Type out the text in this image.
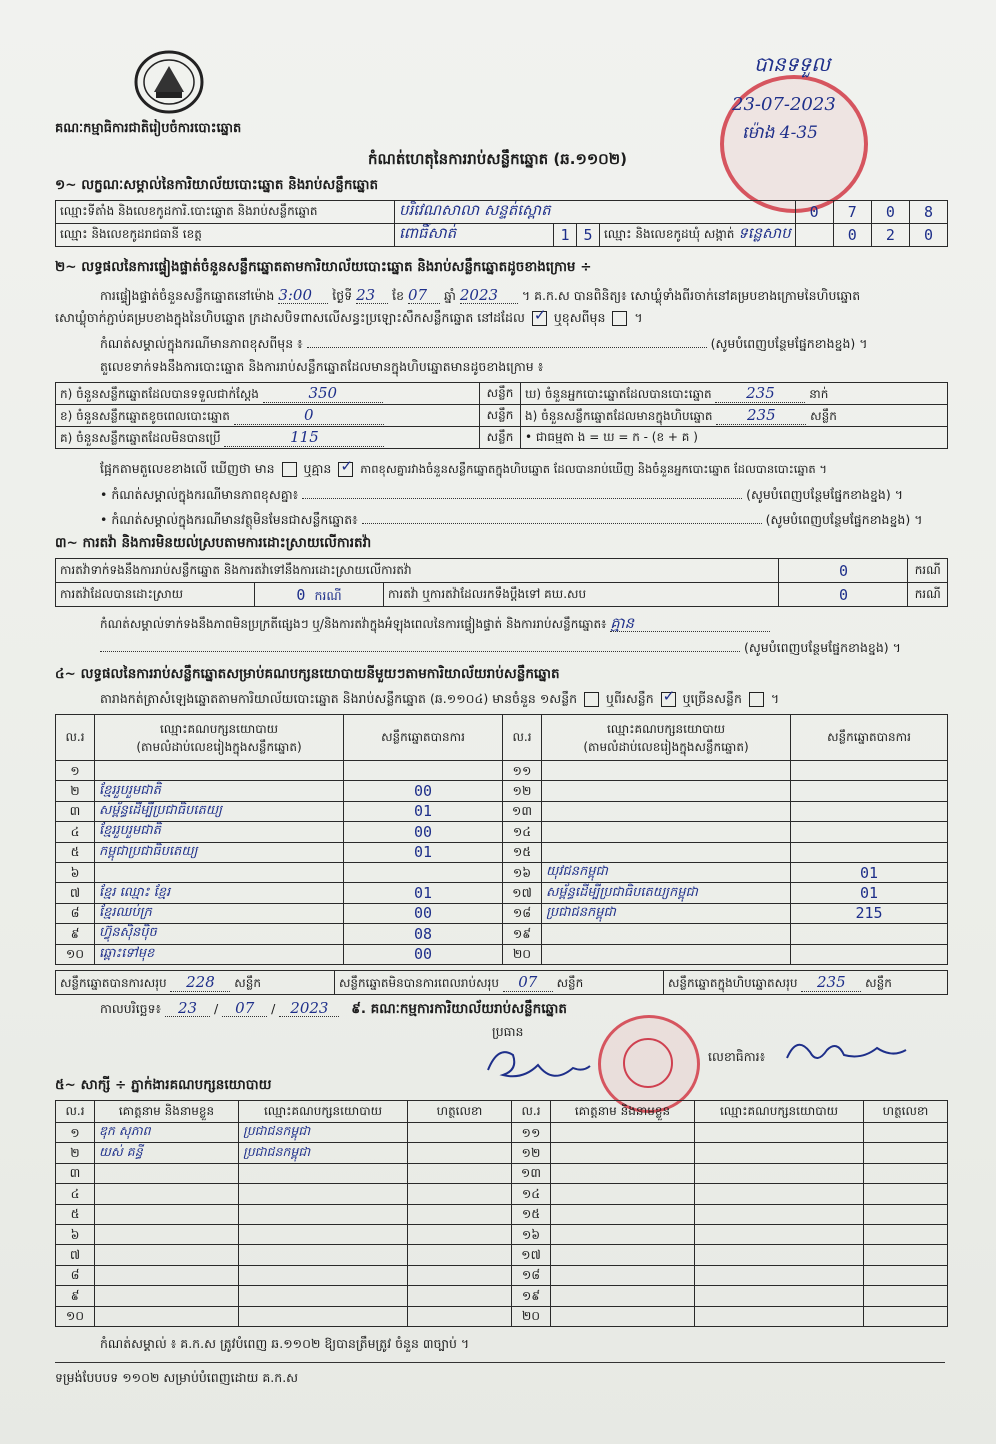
គណៈកម្មាធិការជាតិរៀបចំការបោះឆ្នោត
កំណត់ហេតុនៃការរាប់សន្លឹកឆ្នោត (ឆ.១១០២)
បានទទួល
23-07-2023
ម៉ោង 4-35
១~ លក្ខណៈសម្គាល់នៃការិយាល័យបោះឆ្នោត និងរាប់សន្លឹកឆ្នោត
ឈ្មោះទីតាំង និងលេខកូដការិ.បោះឆ្នោត និងរាប់សន្លឹកឆ្នោត	បរិវេណសាលា សន្ទត់ស្ពោត				0	7	0	8
ឈ្មោះ និងលេខកូដរាជធានី ខេត្ត	ពោធិ៍សាត់	1	5	ឈ្មោះ និងលេខកូដឃុំ សង្កាត់ ទន្លេសាប		0	2	0
២~ លទ្ធផលនៃការផ្ទៀងផ្ទាត់ចំនួនសន្លឹកឆ្នោតតាមការិយាល័យបោះឆ្នោត និងរាប់សន្លឹកឆ្នោតដូចខាងក្រោម ÷
ការផ្ទៀងផ្ទាត់ចំនួនសន្លឹកឆ្នោតនៅម៉ោង 3:00 ថ្ងៃទី 23 ខែ 07 ឆ្នាំ 2023 ។ គ.ក.ស បានពិនិត្យ៖ សោឃ្លុំទាំងពីរចាក់នៅគម្របខាងក្រោមនៃហិបឆ្នោត
សោឃ្លុំចាក់ភ្ជាប់គម្របខាងក្នុងនៃហិបឆ្នោត ក្រដាសបិទពាសលើសន្ធះប្រឡោះសឹកសន្លឹកឆ្នោត នៅដដែល ✓ ឬខុសពីមុន  ។
កំណត់សម្គាល់ក្នុងករណីមានភាពខុសពីមុន ៖	(សូមបំពេញបន្ថែមផ្នែកខាងខ្នង) ។
តួលេខទាក់ទងនឹងការបោះឆ្នោត និងការរាប់សន្លឹកឆ្នោតដែលមានក្នុងហិបឆ្នោតមានដូចខាងក្រោម ៖
ក) ចំនួនសន្លឹកឆ្នោតដែលបានទទួលជាក់ស្តែង 350	សន្លឹក	ឃ) ចំនួនអ្នកបោះឆ្នោតដែលបានបោះឆ្នោត 235 នាក់
ខ) ចំនួនសន្លឹកឆ្នោតខូចពេលបោះឆ្នោត 0	សន្លឹក	ង) ចំនួនសន្លឹកឆ្នោតដែលមានក្នុងហិបឆ្នោត 235 សន្លឹក
គ) ចំនួនសន្លឹកឆ្នោតដែលមិនបានប្រើ 115	សន្លឹក	• ជាធម្មតា ង = ឃ = ក - (ខ + គ )
ផ្អែកតាមតួលេខខាងលើ ឃើញថា មាន ឬគ្មាន ✓	ភាពខុសគ្នារវាងចំនួនសន្លឹកឆ្នោតក្នុងហិបឆ្នោត ដែលបានរាប់ឃើញ និងចំនួនអ្នកបោះឆ្នោត ដែលបានបោះឆ្នោត ។
• កំណត់សម្គាល់ក្នុងករណីមានភាពខុសគ្នា៖	(សូមបំពេញបន្ថែមផ្នែកខាងខ្នង) ។
• កំណត់សម្គាល់ក្នុងករណីមានវត្ថុមិនមែនជាសន្លឹកឆ្នោត៖	(សូមបំពេញបន្ថែមផ្នែកខាងខ្នង) ។
៣~ ការតវ៉ា និងការមិនយល់ស្របតាមការដោះស្រាយលើការតវ៉ា
ការតវ៉ាទាក់ទងនឹងការរាប់សន្លឹកឆ្នោត និងការតវ៉ាទៅនឹងការដោះស្រាយលើការតវ៉ា			0	ករណី
ការតវ៉ាដែលបានដោះស្រាយ	0 ករណី	ការតវ៉ា ឬការតវ៉ាដែលរកទឹងប្តឹងទៅ គឃ.សប	0	ករណី
កំណត់សម្គាល់ទាក់ទងនឹងភាពមិនប្រក្រតីផ្សេងៗ ឬ/និងការតវ៉ាក្នុងអំឡុងពេលនៃការផ្ទៀងផ្ទាត់ និងការរាប់សន្លឹកឆ្នោត៖ គ្មាន
(សូមបំពេញបន្ថែមផ្នែកខាងខ្នង) ។
៤~ លទ្ធផលនៃការរាប់សន្លឹកឆ្នោតសម្រាប់គណបក្សនយោបាយនីមួយៗតាមការិយាល័យរាប់សន្លឹកឆ្នោត
តារាងកត់ត្រាសំឡេងឆ្នោតតាមការិយាល័យបោះឆ្នោត និងរាប់សន្លឹកឆ្នោត (ឆ.១១០៤) មានចំនួន ១សន្លឹក ឬពីរសន្លឹក ✓ ឬច្រើនសន្លឹក  ។
ល.រ	ឈ្មោះគណបក្សនយោបាយ
(តាមលំដាប់លេខរៀងក្នុងសន្លឹកឆ្នោត)	សន្លឹកឆ្នោតបានការ	ល.រ	ឈ្មោះគណបក្សនយោបាយ
(តាមលំដាប់លេខរៀងក្នុងសន្លឹកឆ្នោត)	សន្លឹកឆ្នោតបានការ
១			១១		
២	ខ្មែររួបរួមជាតិ	00	១២		
៣	សម្ព័ន្ធដើម្បីប្រជាធិបតេយ្យ	01	១៣		
៤	ខ្មែររួបរួមជាតិ	00	១៤		
៥	កម្ពុជាប្រជាធិបតេយ្យ	01	១៥		
៦			១៦	យុវជនកម្ពុជា	01
៧	ខ្មែរ ឈ្មោះ ខ្មែរ	01	១៧	សម្ព័ន្ធដើម្បីប្រជាធិបតេយ្យកម្ពុជា	01
៨	ខ្មែរឈប់ក្រ	00	១៨	ប្រជាជនកម្ពុជា	215
៩	ហ៊្វុនស៊ិនប៉ិច	08	១៩		
១០	ឆ្ពោះទៅមុខ	00	២០		
សន្លឹកឆ្នោតបានការសរុប 228 សន្លឹក	សន្លឹកឆ្នោតមិនបានការពេលរាប់សរុប 07 សន្លឹក	សន្លឹកឆ្នោតក្នុងហិបឆ្នោតសរុប 235 សន្លឹក
កាលបរិច្ឆេទ៖ 23 / 07 / 2023 ៩. គណៈកម្មការការិយាល័យរាប់សន្លឹកឆ្នោត
ប្រធាន
លេខាធិការ៖
៥~ សាក្សី ÷ ភ្នាក់ងារគណបក្សនយោបាយ
ល.រ	គោត្តនាម និងនាមខ្លួន	ឈ្មោះគណបក្សនយោបាយ	ហត្ថលេខា	ល.រ	គោត្តនាម និងនាមខ្លួន	ឈ្មោះគណបក្សនយោបាយ	ហត្ថលេខា
១	ឌុក សុភាព	ប្រជាជនកម្ពុជា		១១			
២	យស់ គន្ធី	ប្រជាជនកម្ពុជា		១២			
៣				១៣			
៤				១៤			
៥				១៥			
៦				១៦			
៧				១៧			
៨				១៨			
៩				១៩			
១០				២០			
កំណត់សម្គាល់ ៖ គ.ក.ស ត្រូវបំពេញ ឆ.១១០២ ឱ្យបានត្រឹមត្រូវ ចំនួន ៣ច្បាប់ ។
ទម្រង់បែបបទ ១១០២ សម្រាប់បំពេញដោយ គ.ក.ស
